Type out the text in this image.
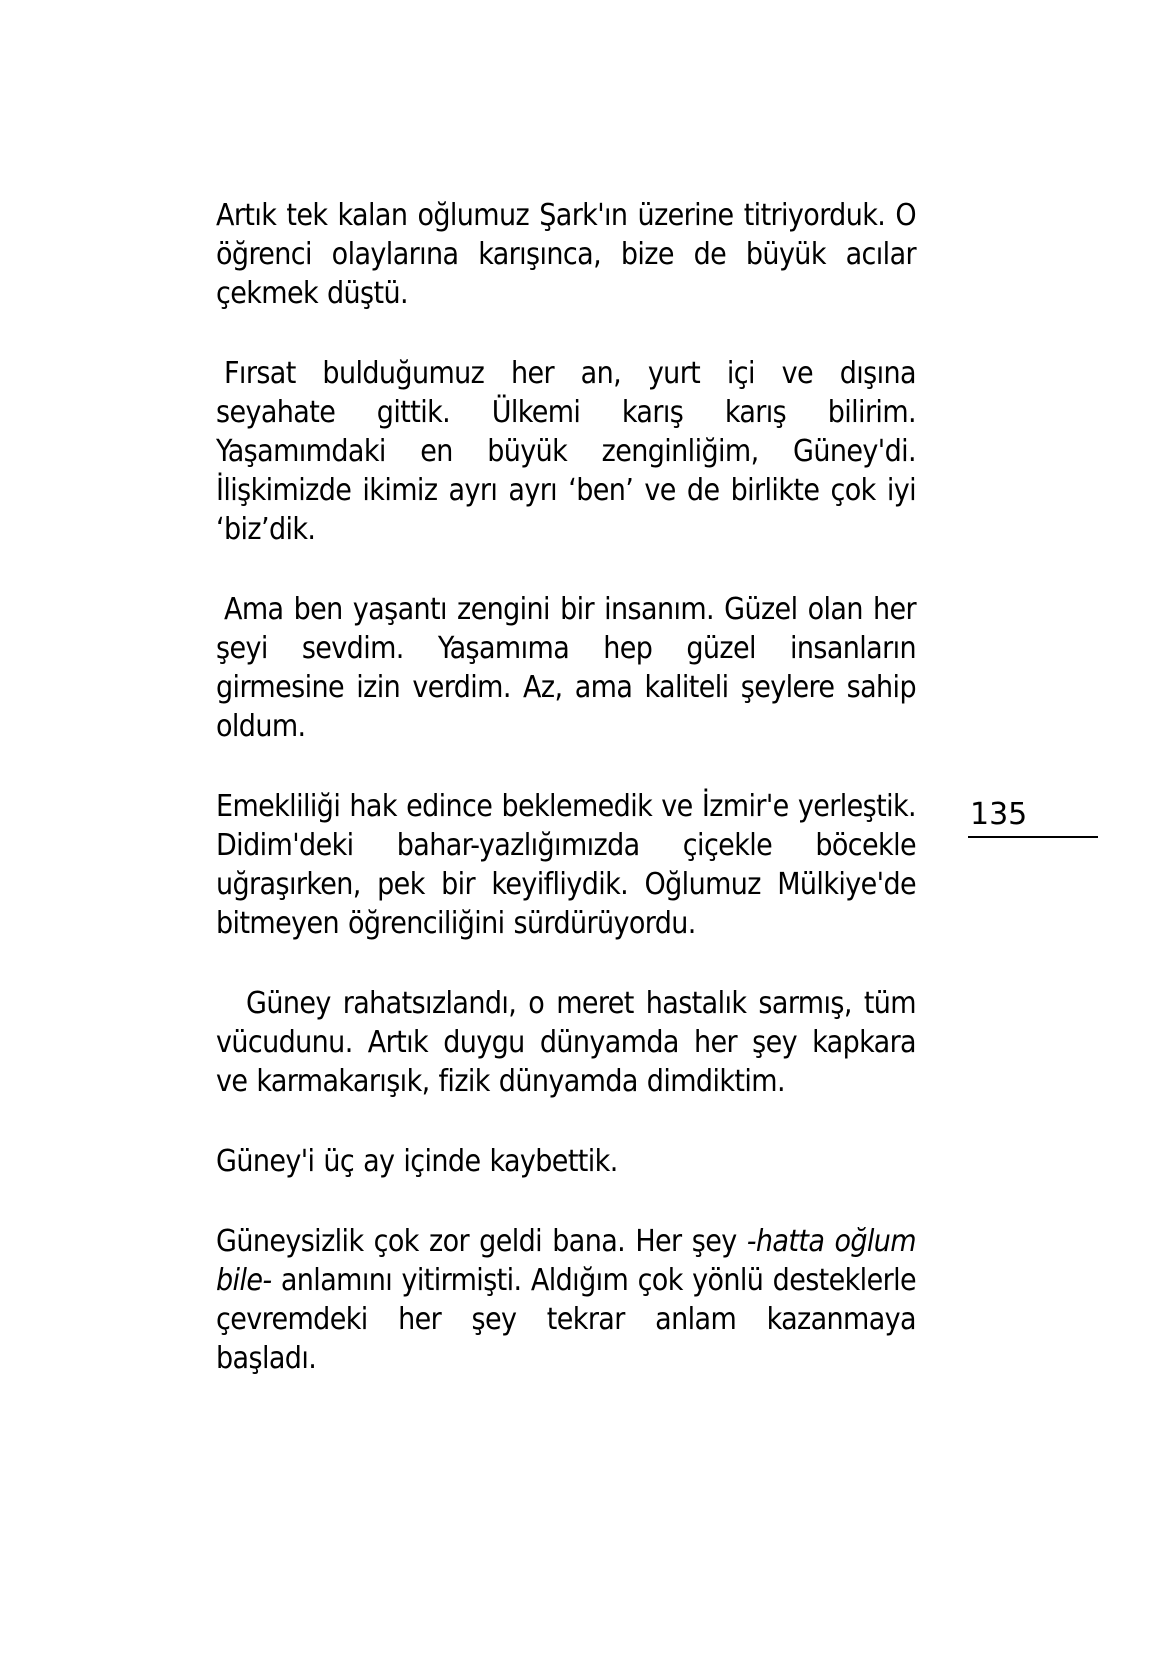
Artık tek kalan oğlumuz Şark'ın üzerine titriyorduk. O öğrenci olaylarına karışınca, bize de büyük acılar çekmek düştü.

Fırsat bulduğumuz her an, yurt içi ve dışına seyahate gittik. Ülkemi karış karış bilirim. Yaşamımdaki en büyük zenginliğim, Güney'di. İlişkimizde ikimiz ayrı ayrı ‘ben’ ve de birlikte çok iyi ‘biz’dik.

Ama ben yaşantı zengini bir insanım. Güzel olan her şeyi sevdim. Yaşamıma hep güzel insanların girmesine izin verdim. Az, ama kaliteli şeylere sahip oldum.

Emekliliği hak edince beklemedik ve İzmir'e yerleştik. Didim'deki bahar-yazlığımızda çiçekle böcekle uğraşırken, pek bir keyifliydik. Oğlumuz Mülkiye'de bitmeyen öğrenciliğini sürdürüyordu.

Güney rahatsızlandı, o meret hastalık sarmış, tüm vücudunu. Artık duygu dünyamda her şey kapkara ve karmakarışık, fizik dünyamda dimdiktim.

Güney'i üç ay içinde kaybettik.

Güneysizlik çok zor geldi bana. Her şey -hatta oğlum bile- anlamını yitirmişti. Aldığım çok yönlü desteklerle çevremdeki her şey tekrar anlam kazanmaya başladı.

135
